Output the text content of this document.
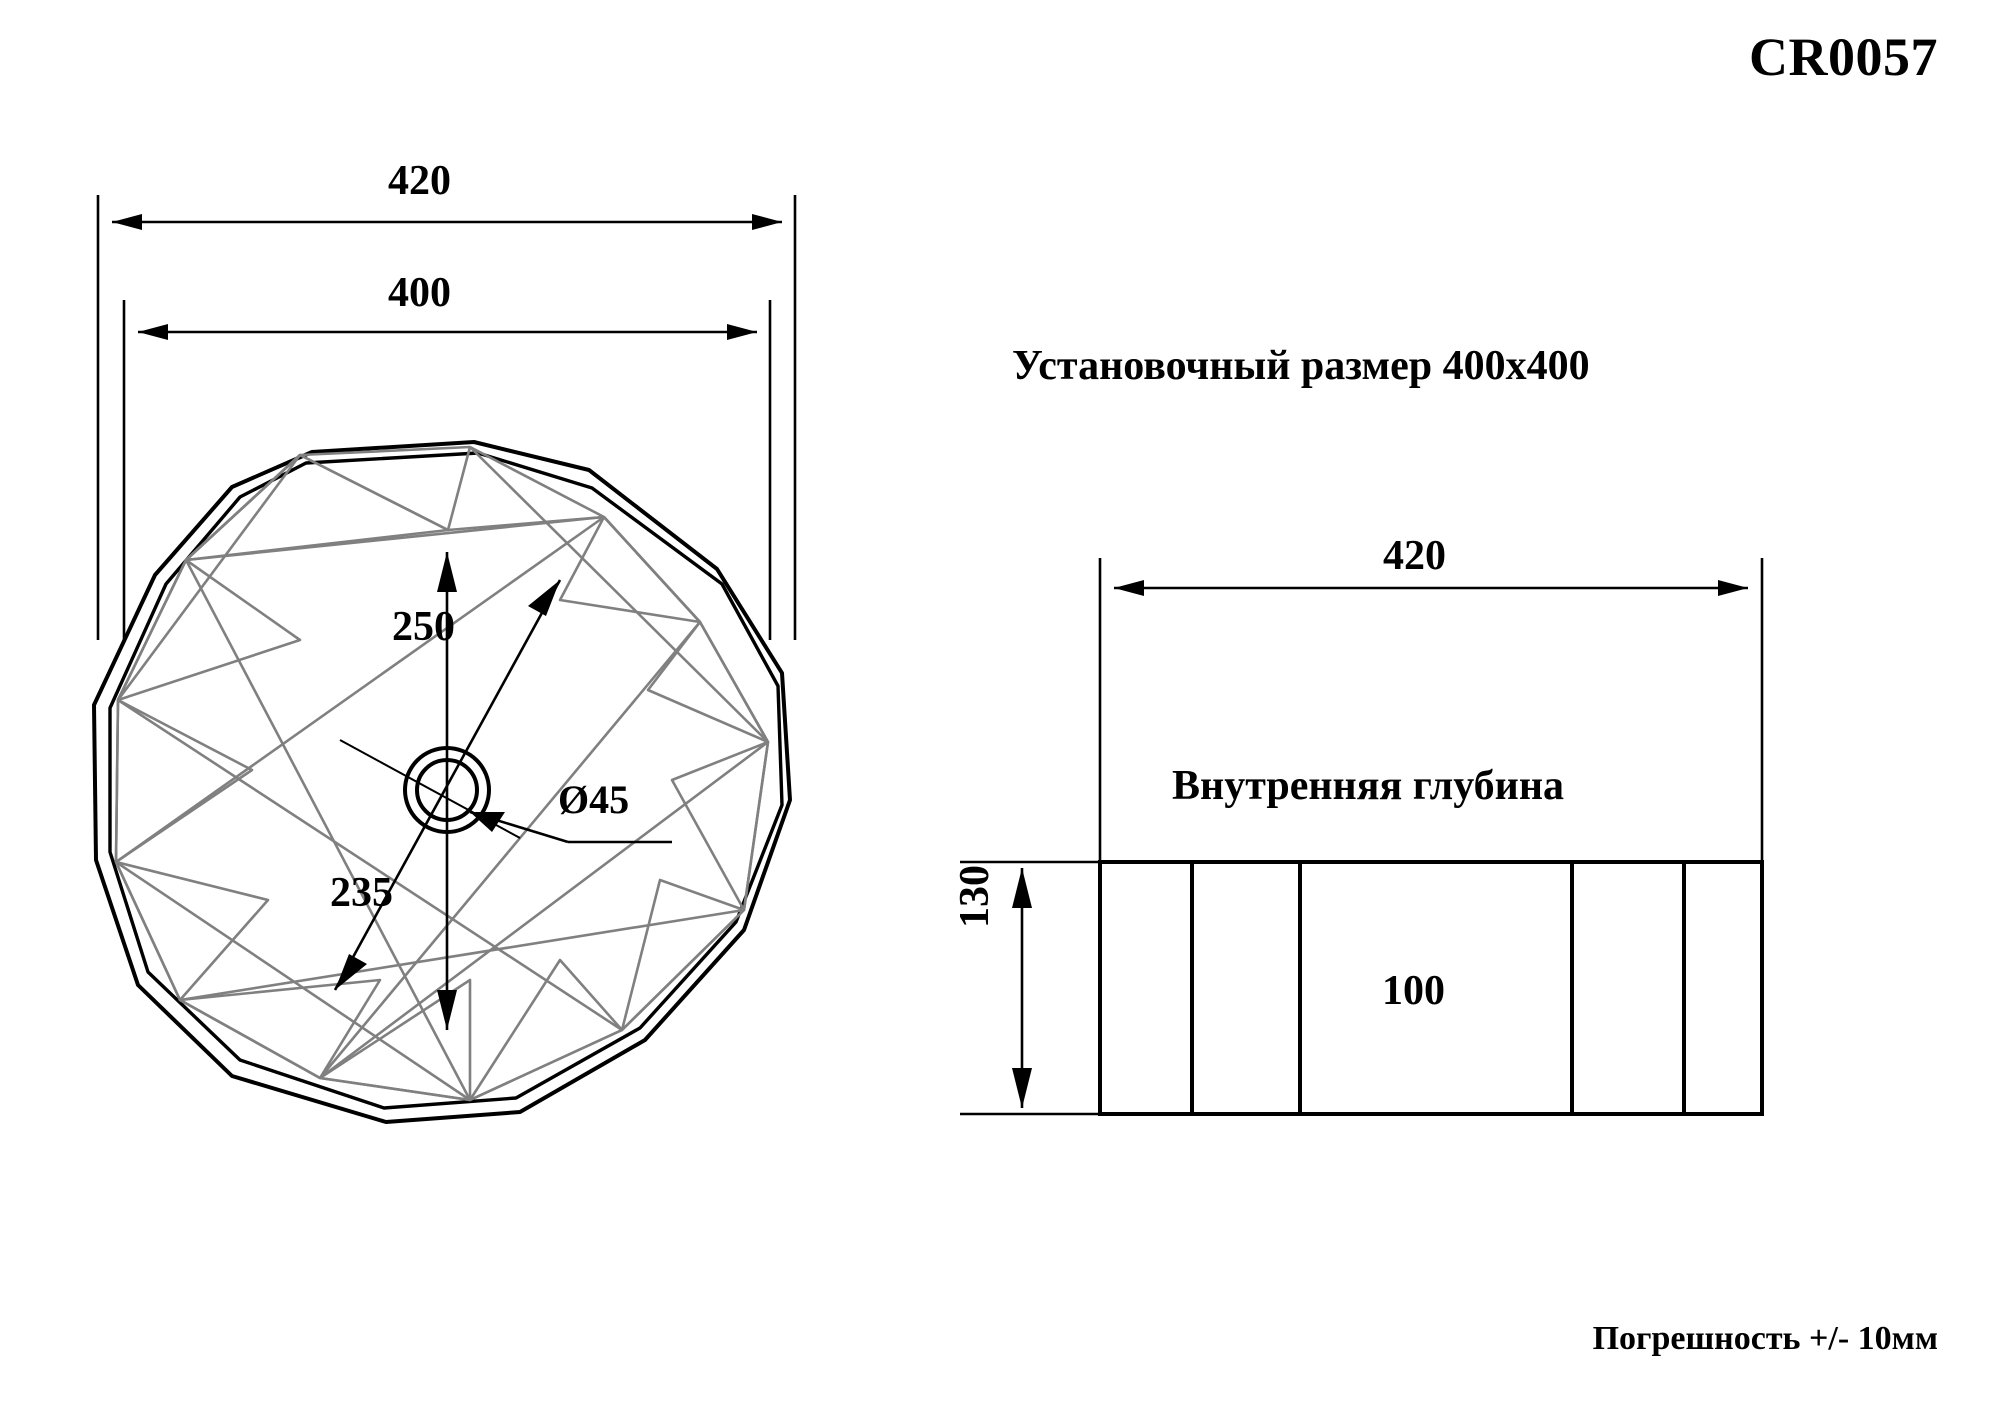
CR0057
420
400
250
235
Ø45
Установочный размер 400x400
420
Внутренняя глубина
100
130
Погрешность +/- 10мм
